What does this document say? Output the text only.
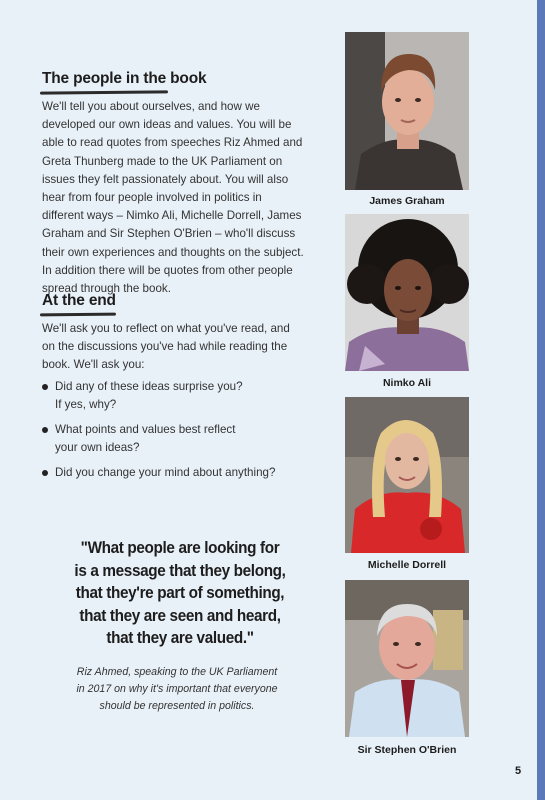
The people in the book

We'll tell you about ourselves, and how we developed our own ideas and values. You will be able to read quotes from speeches Riz Ahmed and Greta Thunberg made to the UK Parliament on issues they felt passionately about. You will also hear from four people involved in politics in different ways – Nimko Ali, Michelle Dorrell, James Graham and Sir Stephen O'Brien – who'll discuss their own experiences and thoughts on the subject. In addition there will be quotes from other people spread through the book.

At the end

We'll ask you to reflect on what you've read, and on the discussions you've had while reading the book. We'll ask you:

Did any of these ideas surprise you?
If yes, why?
What points and values best reflect
your own ideas?
Did you change your mind about anything?

"What people are looking for
is a message that they belong,
that they're part of something,
that they are seen and heard,
that they are valued."

Riz Ahmed, speaking to the UK Parliament
in 2017 on why it's important that everyone
should be represented in politics.

James Graham

Nimko Ali

Michelle Dorrell

Sir Stephen O'Brien

5
